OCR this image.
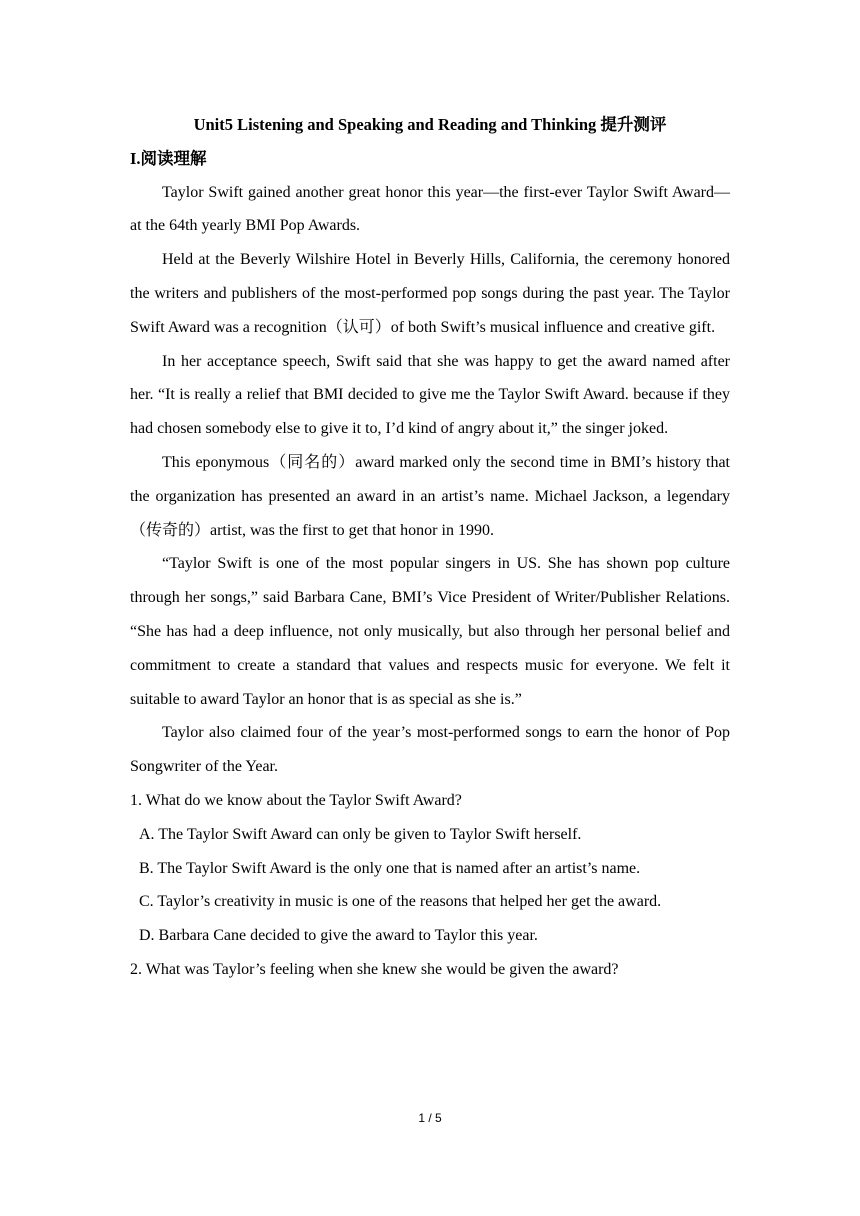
Unit5 Listening and Speaking and Reading and Thinking 提升测评
I.阅读理解

Taylor Swift gained another great honor this year—the first-ever Taylor Swift Award—at the 64th yearly BMI Pop Awards.

Held at the Beverly Wilshire Hotel in Beverly Hills, California, the ceremony honored the writers and publishers of the most-performed pop songs during the past year. The Taylor Swift Award was a recognition（认可）of both Swift’s musical influence and creative gift.

In her acceptance speech, Swift said that she was happy to get the award named after her. “It is really a relief that BMI decided to give me the Taylor Swift Award. because if they had chosen somebody else to give it to, I’d kind of angry about it,” the singer joked.

This eponymous（同名的）award marked only the second time in BMI’s history that the organization has presented an award in an artist’s name. Michael Jackson, a legendary（传奇的）artist, was the first to get that honor in 1990.

“Taylor Swift is one of the most popular singers in US. She has shown pop culture through her songs,” said Barbara Cane, BMI’s Vice President of Writer/Publisher Relations. “She has had a deep influence, not only musically, but also through her personal belief and commitment to create a standard that values and respects music for everyone. We felt it suitable to award Taylor an honor that is as special as she is.”

Taylor also claimed four of the year’s most-performed songs to earn the honor of Pop Songwriter of the Year.

1. What do we know about the Taylor Swift Award?

A. The Taylor Swift Award can only be given to Taylor Swift herself.

B. The Taylor Swift Award is the only one that is named after an artist’s name.

C. Taylor’s creativity in music is one of the reasons that helped her get the award.

D. Barbara Cane decided to give the award to Taylor this year.

2. What was Taylor’s feeling when she knew she would be given the award?

1 / 5
